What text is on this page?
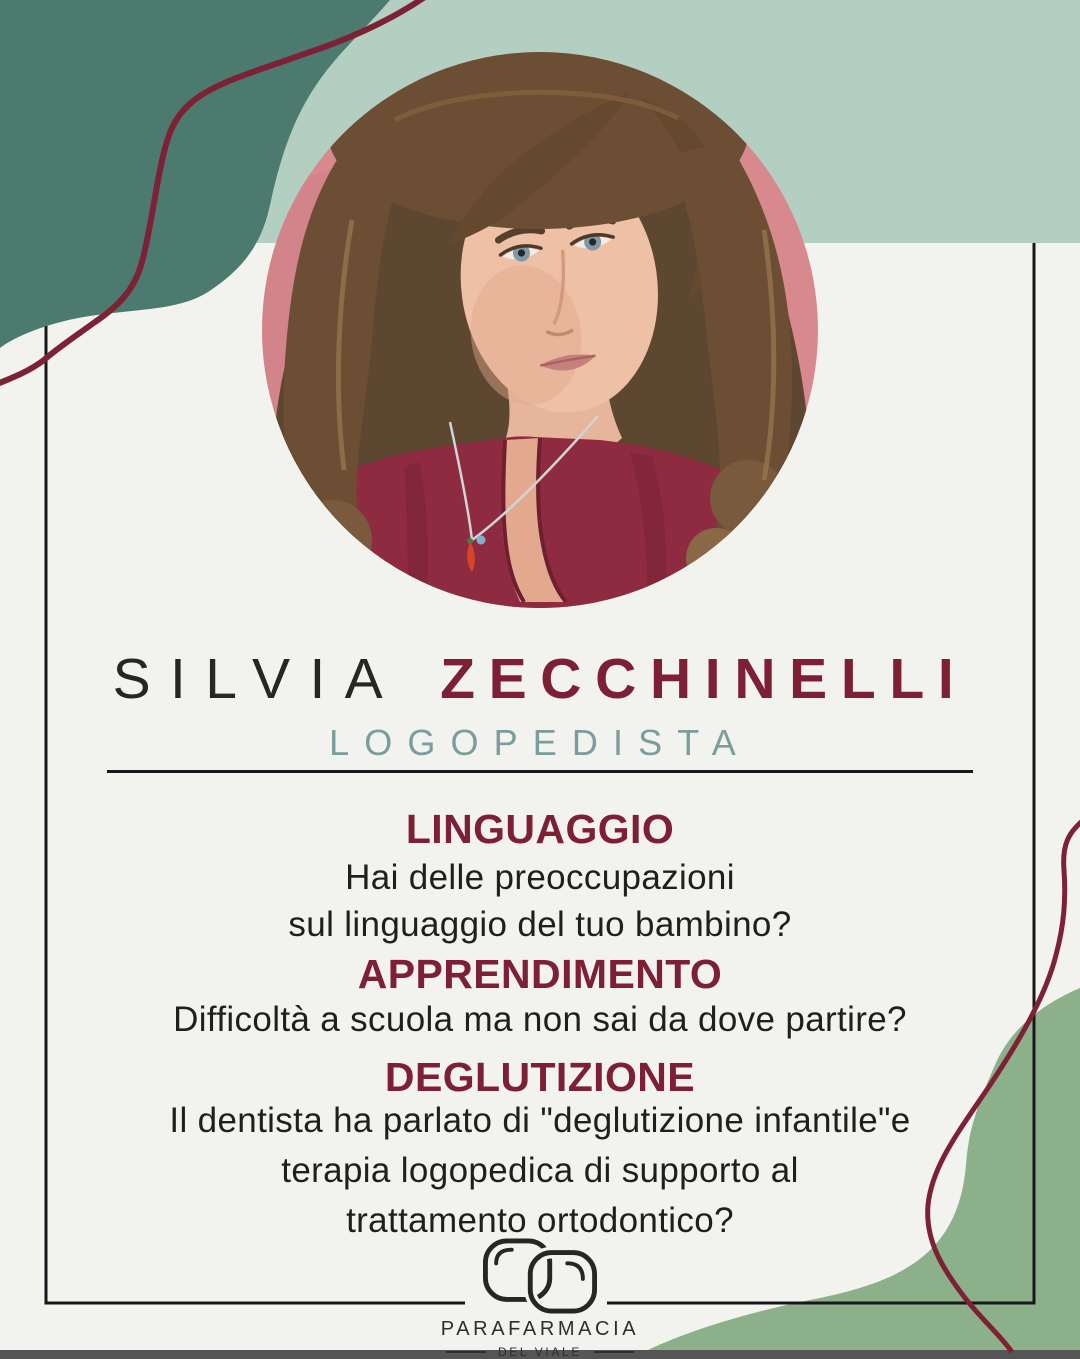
SILVIA ZECCHINELLI
LOGOPEDISTA
LINGUAGGIO
Hai delle preoccupazioni
sul linguaggio del tuo bambino?
APPRENDIMENTO
Difficoltà a scuola ma non sai da dove partire?
DEGLUTIZIONE
Il dentista ha parlato di "deglutizione infantile"e
terapia logopedica di supporto al
trattamento ortodontico?
PARAFARMACIA
DEL VIALE
